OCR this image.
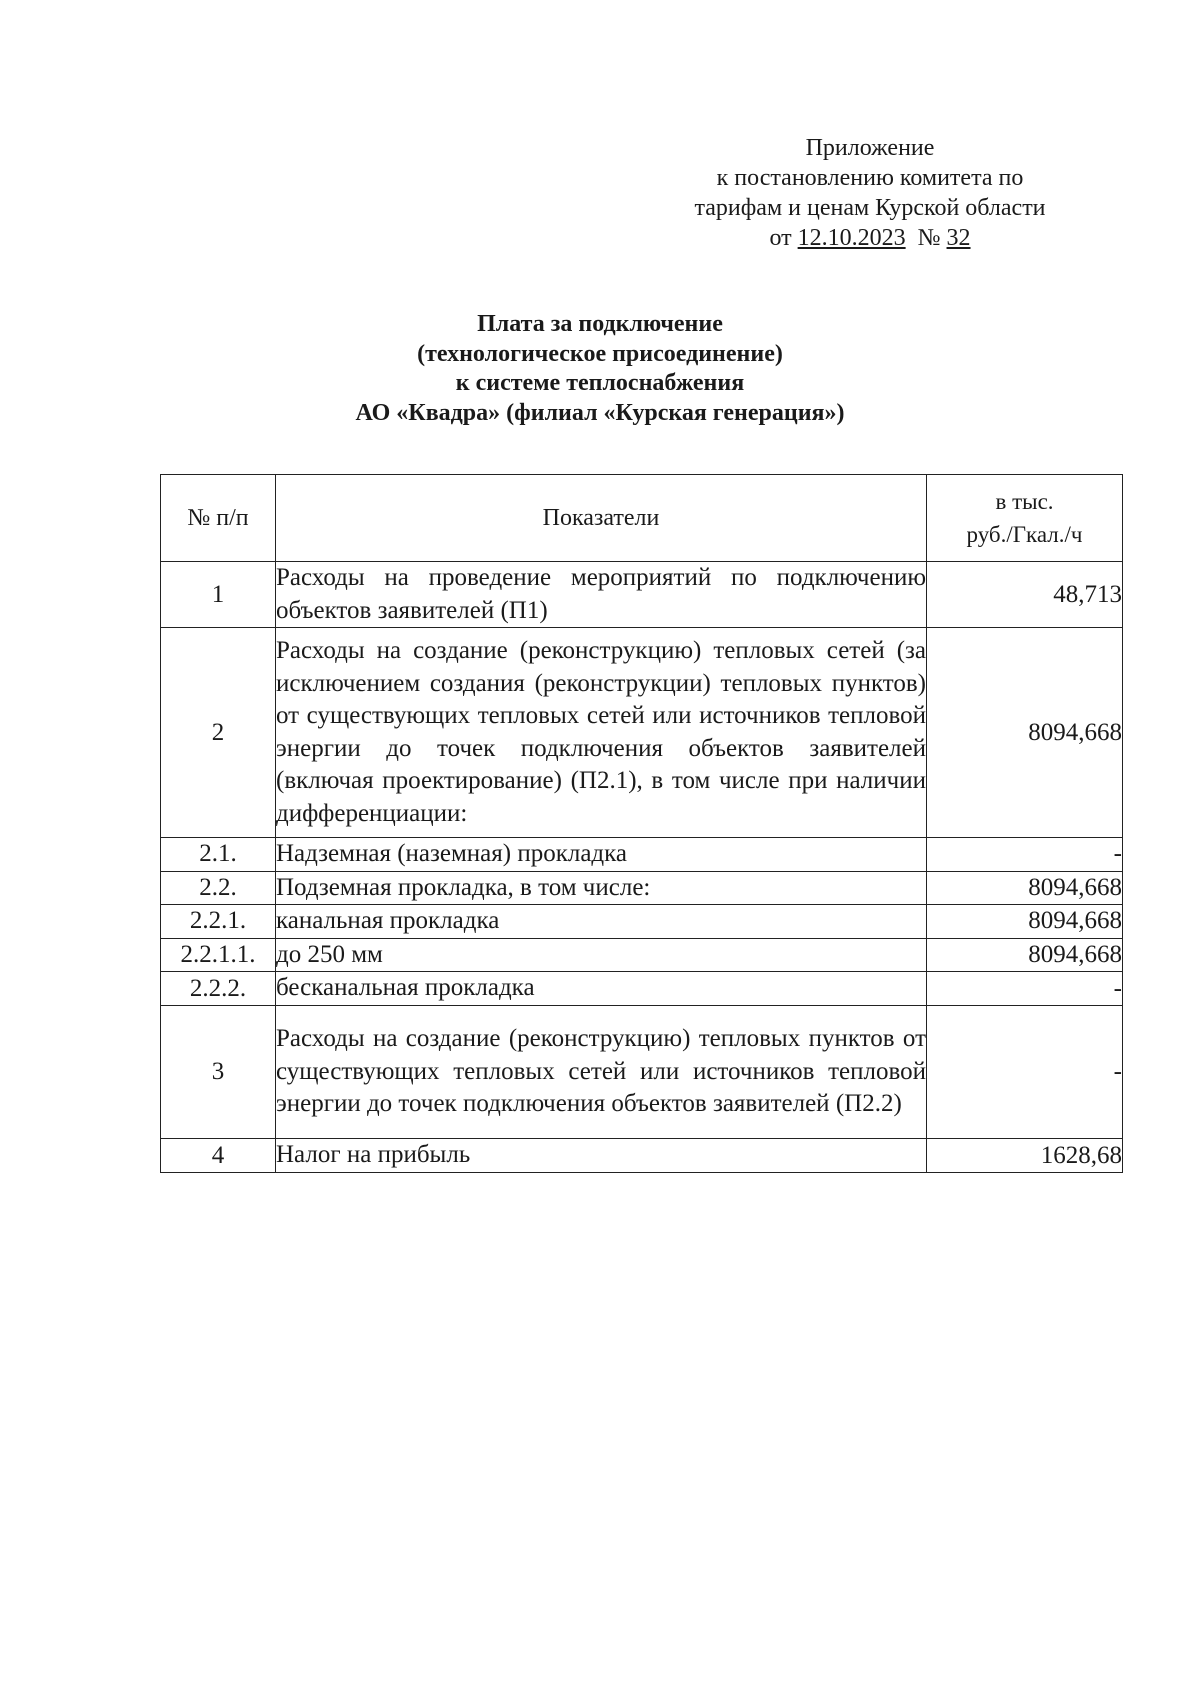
Приложение
к постановлению комитета по
тарифам и ценам Курской области
от 12.10.2023 № 32
Плата за подключение
(технологическое присоединение)
к системе теплоснабжения
АО «Квадра» (филиал «Курская генерация»)
№ п/п	Показатели	в тыс.
руб./Гкал./ч

1	Расходы на проведение мероприятий по подключению объектов заявителей (П1)	48,713
2	Расходы на создание (реконструкцию) тепловых сетей (за исключением создания (реконструкции) тепловых пунктов) от существующих тепловых сетей или источников тепловой энергии до точек подключения объектов заявителей (включая проектирование) (П2.1), в том числе при наличии дифференциации:	8094,668
2.1.	Надземная (наземная) прокладка	-
2.2.	Подземная прокладка, в том числе:	8094,668
2.2.1.	канальная прокладка	8094,668
2.2.1.1.	до 250 мм	8094,668
2.2.2.	бесканальная прокладка	-
3	Расходы на создание (реконструкцию) тепловых пунктов от существующих тепловых сетей или источников тепловой энергии до точек подключения объектов заявителей (П2.2)	-
4	Налог на прибыль	1628,68
